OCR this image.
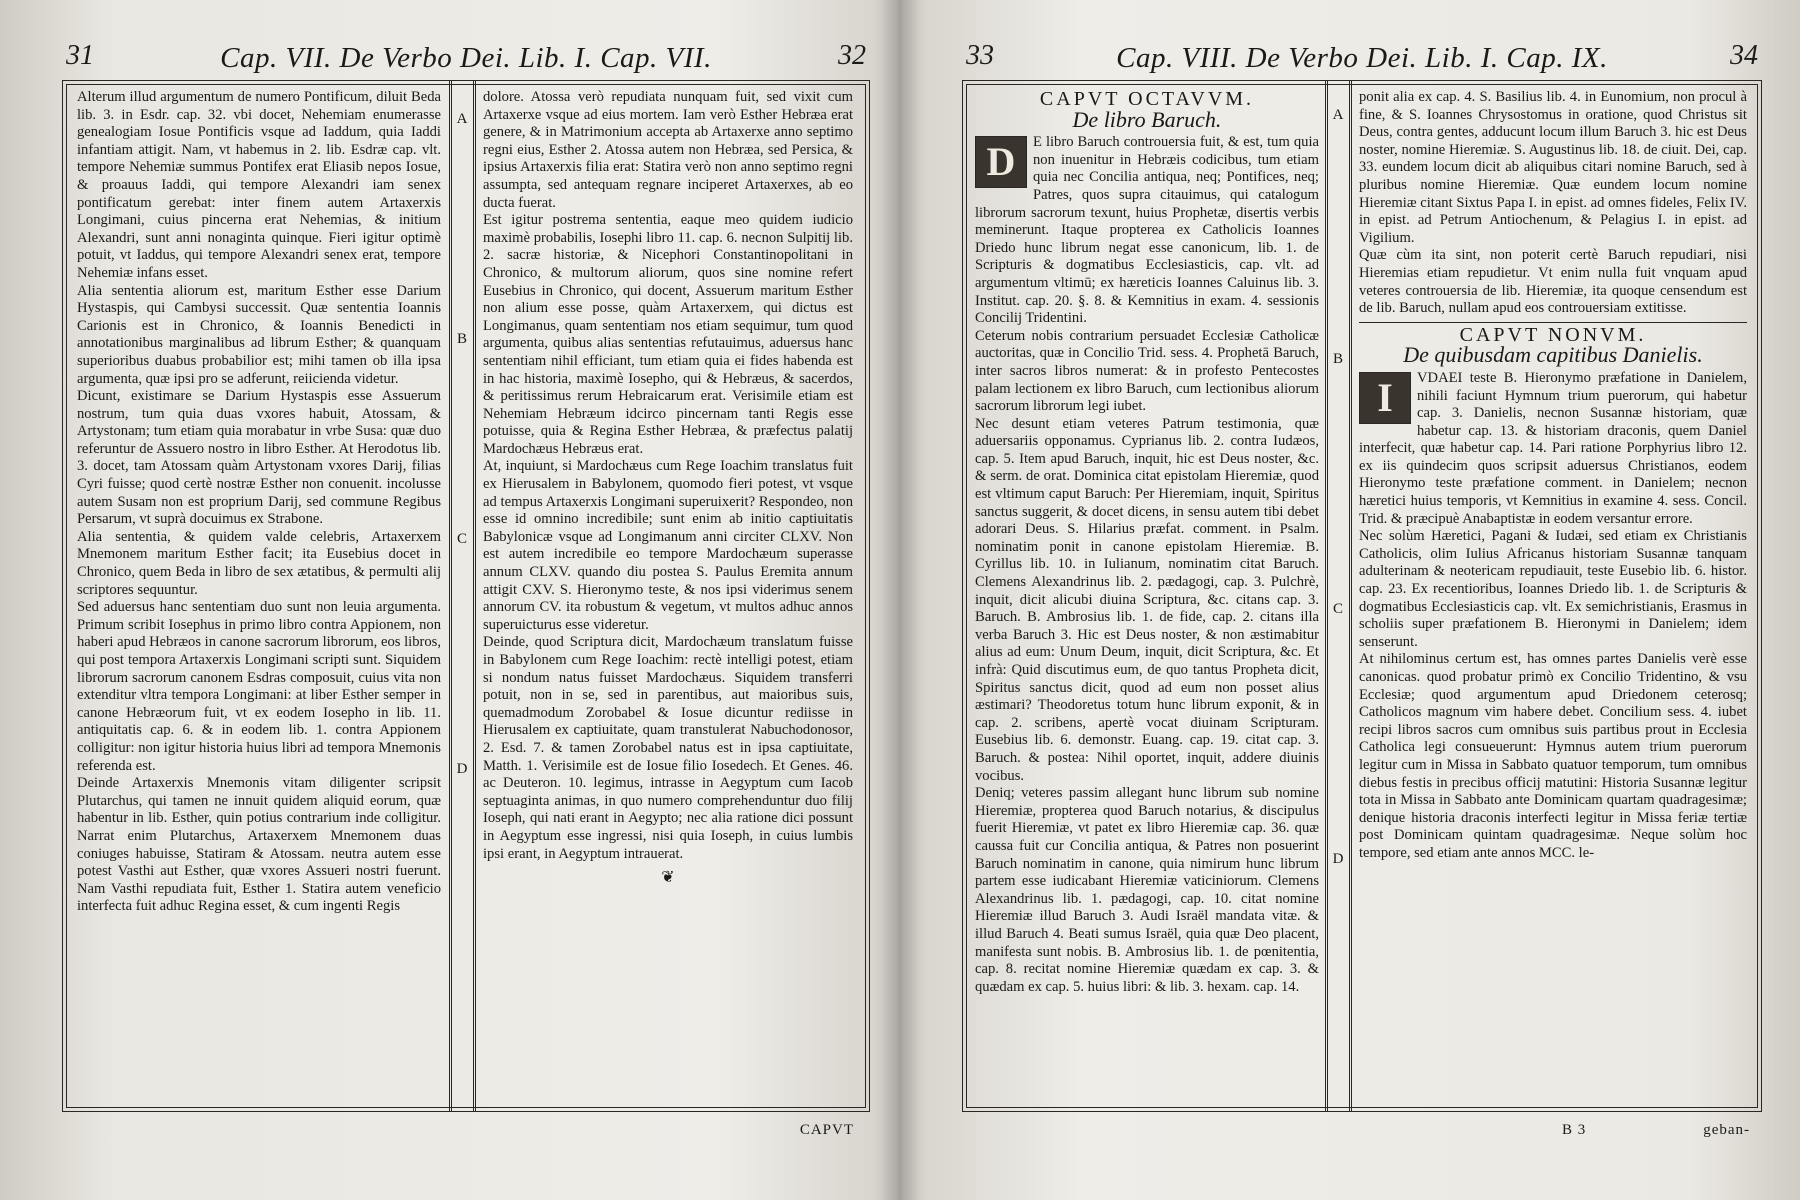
31	Cap. VII. De Verbo Dei. Lib. I. Cap. VII.	32

Alterum illud argumentum de numero Pontificum, diluit Beda lib. 3. in Esdr. cap. 32. vbi docet, Nehemiam enumerasse genealogiam Iosue Pontificis vsque ad Iaddum, quia Iaddi infantiam attigit. Nam, vt habemus in 2. lib. Esdræ cap. vlt. tempore Nehemiæ summus Pontifex erat Eliasib nepos Iosue, & proauus Iaddi, qui tempore Alexandri iam senex pontificatum gerebat: inter finem autem Artaxerxis Longimani, cuius pincerna erat Nehemias, & initium Alexandri, sunt anni nonaginta quinque. Fieri igitur optimè potuit, vt Iaddus, qui tempore Alexandri senex erat, tempore Nehemiæ infans esset.

Alia sententia aliorum est, maritum Esther esse Darium Hystaspis, qui Cambysi successit. Quæ sententia Ioannis Carionis est in Chronico, & Ioannis Benedicti in annotationibus marginalibus ad librum Esther; & quanquam superioribus duabus probabilior est; mihi tamen ob illa ipsa argumenta, quæ ipsi pro se adferunt, reiicienda videtur.

Dicunt, existimare se Darium Hystaspis esse Assuerum nostrum, tum quia duas vxores habuit, Atossam, & Artystonam; tum etiam quia morabatur in vrbe Susa: quæ duo referuntur de Assuero nostro in libro Esther. At Herodotus lib. 3. docet, tam Atossam quàm Artystonam vxores Darij, filias Cyri fuisse; quod certè nostræ Esther non conuenit. incolusse autem Susam non est proprium Darij, sed commune Regibus Persarum, vt suprà docuimus ex Strabone.

Alia sententia, & quidem valde celebris, Artaxerxem Mnemonem maritum Esther facit; ita Eusebius docet in Chronico, quem Beda in libro de sex ætatibus, & permulti alij scriptores sequuntur.

Sed aduersus hanc sententiam duo sunt non leuia argumenta. Primum scribit Iosephus in primo libro contra Appionem, non haberi apud Hebræos in canone sacrorum librorum, eos libros, qui post tempora Artaxerxis Longimani scripti sunt. Siquidem librorum sacrorum canonem Esdras composuit, cuius vita non extenditur vltra tempora Longimani: at liber Esther semper in canone Hebræorum fuit, vt ex eodem Iosepho in lib. 11. antiquitatis cap. 6. & in eodem lib. 1. contra Appionem colligitur: non igitur historia huius libri ad tempora Mnemonis referenda est.

Deinde Artaxerxis Mnemonis vitam diligenter scripsit Plutarchus, qui tamen ne innuit quidem aliquid eorum, quæ habentur in lib. Esther, quin potius contrarium inde colligitur. Narrat enim Plutarchus, Artaxerxem Mnemonem duas coniuges habuisse, Statiram & Atossam. neutra autem esse potest Vasthi aut Esther, quæ vxores Assueri nostri fuerunt. Nam Vasthi repudiata fuit, Esther 1. Statira autem veneficio interfecta fuit adhuc Regina esset, & cum ingenti Regis

A
B
C
D

dolore. Atossa verò repudiata nunquam fuit, sed vixit cum Artaxerxe vsque ad eius mortem. Iam verò Esther Hebræa erat genere, & in Matrimonium accepta ab Artaxerxe anno septimo regni eius, Esther 2. Atossa autem non Hebræa, sed Persica, & ipsius Artaxerxis filia erat: Statira verò non anno septimo regni assumpta, sed antequam regnare inciperet Artaxerxes, ab eo ducta fuerat.

Est igitur postrema sententia, eaque meo quidem iudicio maximè probabilis, Iosephi libro 11. cap. 6. necnon Sulpitij lib. 2. sacræ historiæ, & Nicephori Constantinopolitani in Chronico, & multorum aliorum, quos sine nomine refert Eusebius in Chronico, qui docent, Assuerum maritum Esther non alium esse posse, quàm Artaxerxem, qui dictus est Longimanus, quam sententiam nos etiam sequimur, tum quod argumenta, quibus alias sententias refutauimus, aduersus hanc sententiam nihil efficiant, tum etiam quia ei fides habenda est in hac historia, maximè Iosepho, qui & Hebræus, & sacerdos, & peritissimus rerum Hebraicarum erat. Verisimile etiam est Nehemiam Hebræum idcirco pincernam tanti Regis esse potuisse, quia & Regina Esther Hebræa, & præfectus palatij Mardochæus Hebræus erat.

At, inquiunt, si Mardochæus cum Rege Ioachim translatus fuit ex Hierusalem in Babylonem, quomodo fieri potest, vt vsque ad tempus Artaxerxis Longimani superuixerit? Respondeo, non esse id omnino incredibile; sunt enim ab initio captiuitatis Babylonicæ vsque ad Longimanum anni circiter CLXV. Non est autem incredibile eo tempore Mardochæum superasse annum CLXV. quando diu postea S. Paulus Eremita annum attigit CXV. S. Hieronymo teste, & nos ipsi viderimus senem annorum CV. ita robustum & vegetum, vt multos adhuc annos superuicturus esse videretur.

Deinde, quod Scriptura dicit, Mardochæum translatum fuisse in Babylonem cum Rege Ioachim: rectè intelligi potest, etiam si nondum natus fuisset Mardochæus. Siquidem transferri potuit, non in se, sed in parentibus, aut maioribus suis, quemadmodum Zorobabel & Iosue dicuntur rediisse in Hierusalem ex captiuitate, quam transtulerat Nabuchodonosor, 2. Esd. 7. & tamen Zorobabel natus est in ipsa captiuitate, Matth. 1. Verisimile est de Iosue filio Iosedech. Et Genes. 46. ac Deuteron. 10. legimus, intrasse in Aegyptum cum Iacob septuaginta animas, in quo numero comprehenduntur duo filij Ioseph, qui nati erant in Aegypto; nec alia ratione dici possunt in Aegyptum esse ingressi, nisi quia Ioseph, in cuius lumbis ipsi erant, in Aegyptum intrauerat.

❦
CAPVT
33	Cap. VIII. De Verbo Dei. Lib. I. Cap. IX.	34
CAPVT OCTAVVM.
De libro Baruch.

D	E libro Baruch controuersia fuit, & est, tum quia non inuenitur in Hebræis codicibus, tum etiam quia nec Concilia antiqua, neq; Pontifices, neq; Patres, quos supra citauimus, qui catalogum librorum sacrorum texunt, huius Prophetæ, disertis verbis meminerunt. Itaque propterea ex Catholicis Ioannes Driedo hunc librum negat esse canonicum, lib. 1. de Scripturis & dogmatibus Ecclesiasticis, cap. vlt. ad argumentum vltimū; ex hæreticis Ioannes Caluinus lib. 3. Institut. cap. 20. §. 8. & Kemnitius in exam. 4. sessionis Concilij Tridentini.

Ceterum nobis contrarium persuadet Ecclesiæ Catholicæ auctoritas, quæ in Concilio Trid. sess. 4. Prophetā Baruch, inter sacros libros numerat: & in profesto Pentecostes palam lectionem ex libro Baruch, cum lectionibus aliorum sacrorum librorum legi iubet.

Nec desunt etiam veteres Patrum testimonia, quæ aduersariis opponamus. Cyprianus lib. 2. contra Iudæos, cap. 5. Item apud Baruch, inquit, hic est Deus noster, &c. & serm. de orat. Dominica citat epistolam Hieremiæ, quod est vltimum caput Baruch: Per Hieremiam, inquit, Spiritus sanctus suggerit, & docet dicens, in sensu autem tibi debet adorari Deus. S. Hilarius præfat. comment. in Psalm. nominatim ponit in canone epistolam Hieremiæ. B. Cyrillus lib. 10. in Iulianum, nominatim citat Baruch. Clemens Alexandrinus lib. 2. pædagogi, cap. 3. Pulchrè, inquit, dicit alicubi diuina Scriptura, &c. citans cap. 3. Baruch. B. Ambrosius lib. 1. de fide, cap. 2. citans illa verba Baruch 3. Hic est Deus noster, & non æstimabitur alius ad eum: Unum Deum, inquit, dicit Scriptura, &c. Et infrà: Quid discutimus eum, de quo tantus Propheta dicit, Spiritus sanctus dicit, quod ad eum non posset alius æstimari? Theodoretus totum hunc librum exponit, & in cap. 2. scribens, apertè vocat diuinam Scripturam. Eusebius lib. 6. demonstr. Euang. cap. 19. citat cap. 3. Baruch. & postea: Nihil oportet, inquit, addere diuinis vocibus.

Deniq; veteres passim allegant hunc librum sub nomine Hieremiæ, propterea quod Baruch notarius, & discipulus fuerit Hieremiæ, vt patet ex libro Hieremiæ cap. 36. quæ caussa fuit cur Concilia antiqua, & Patres non posuerint Baruch nominatim in canone, quia nimirum hunc librum partem esse iudicabant Hieremiæ vaticiniorum. Clemens Alexandrinus lib. 1. pædagogi, cap. 10. citat nomine Hieremiæ illud Baruch 3. Audi Israël mandata vitæ. & illud Baruch 4. Beati sumus Israël, quia quæ Deo placent, manifesta sunt nobis. B. Ambrosius lib. 1. de pœnitentia, cap. 8. recitat nomine Hieremiæ quædam ex cap. 3. & quædam ex cap. 5. huius libri: & lib. 3. hexam. cap. 14.

A
B
C
D

ponit alia ex cap. 4. S. Basilius lib. 4. in Eunomium, non procul à fine, & S. Ioannes Chrysostomus in oratione, quod Christus sit Deus, contra gentes, adducunt locum illum Baruch 3. hic est Deus noster, nomine Hieremiæ. S. Augustinus lib. 18. de ciuit. Dei, cap. 33. eundem locum dicit ab aliquibus citari nomine Baruch, sed à pluribus nomine Hieremiæ. Quæ eundem locum nomine Hieremiæ citant Sixtus Papa I. in epist. ad omnes fideles, Felix IV. in epist. ad Petrum Antiochenum, & Pelagius I. in epist. ad Vigilium.

Quæ cùm ita sint, non poterit certè Baruch repudiari, nisi Hieremias etiam repudietur. Vt enim nulla fuit vnquam apud veteres controuersia de lib. Hieremiæ, ita quoque censendum est de lib. Baruch, nullam apud eos controuersiam extitisse.

CAPVT NONVM.
De quibusdam capitibus Danielis.

I	VDAEI teste B. Hieronymo præfatione in Danielem, nihili faciunt Hymnum trium puerorum, qui habetur cap. 3. Danielis, necnon Susannæ historiam, quæ habetur cap. 13. & historiam draconis, quem Daniel interfecit, quæ habetur cap. 14. Pari ratione Porphyrius libro 12. ex iis quindecim quos scripsit aduersus Christianos, eodem Hieronymo teste præfatione comment. in Danielem; necnon hæretici huius temporis, vt Kemnitius in examine 4. sess. Concil. Trid. & præcipuè Anabaptistæ in eodem versantur errore.

Nec solùm Hæretici, Pagani & Iudæi, sed etiam ex Christianis Catholicis, olim Iulius Africanus historiam Susannæ tanquam adulterinam & neotericam repudiauit, teste Eusebio lib. 6. histor. cap. 23. Ex recentioribus, Ioannes Driedo lib. 1. de Scripturis & dogmatibus Ecclesiasticis cap. vlt. Ex semichristianis, Erasmus in scholiis super præfationem B. Hieronymi in Danielem; idem senserunt.

At nihilominus certum est, has omnes partes Danielis verè esse canonicas. quod probatur primò ex Concilio Tridentino, & vsu Ecclesiæ; quod argumentum apud Driedonem ceterosq; Catholicos magnum vim habere debet. Concilium sess. 4. iubet recipi libros sacros cum omnibus suis partibus prout in Ecclesia Catholica legi consueuerunt: Hymnus autem trium puerorum legitur cum in Missa in Sabbato quatuor temporum, tum omnibus diebus festis in precibus officij matutini: Historia Susannæ legitur tota in Missa in Sabbato ante Dominicam quartam quadragesimæ; denique historia draconis interfecti legitur in Missa feriæ tertiæ post Dominicam quintam quadragesimæ. Neque solùm hoc tempore, sed etiam ante annos MCC. le-

B 3	geban-
